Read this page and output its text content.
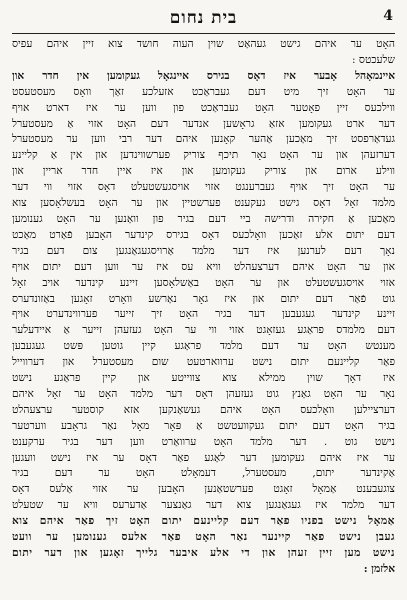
4
בית נחום
האָט ער איהם גישט געהאַט שוין העוה חושד צוא זיין איהם עפיס
שלעכטס :
איינמאָהל אָבער איז דאָס בגירס איינגאָל געקומען אין חדר און
ער האָט זיך מיט דעם געבראַכט אזעלכע זאַך וואָס מעסטעסט
ווילכעס זיין פאָטער האָט געבראַכט פון ווען ער איז דארט אויף
דער ארט געקומען אזאַ גראָשען אנדער דעם האָט אזוי אַ מעסטערל
געדאַרפסט זיך מאַכען אַהער קאָנען איהם דער רבי ווען ער מעסטערל
דערזעהן און ער האָט נאָר תיכף צוריק פערשווינדען און אין אַ קליינע
ווילע ארום און צוריק געקומען און איז איין חדר אריין און
ער האָט זיך אויף געברענגט אזוי אויסגעשטעלט דאָס אזוי ווי דער
מלמד זאָל דאָס גישט געקענט פערשטיין און ער האָט בעשלאָסען צוא
מאַכען אַ חקירה ודרישה ביי דעם בגיר פון וואַנען ער האָט גענומען
דעם יתום אלע זאַכען וואָלכעס דאָס בגירס קינדער האָבען פֿאַרט מאַכט
נאָך דעם לערנען איז דער מלמד אַרויסגעגאַנגען צום דעם בגיר
און ער האָט איהם דערצעהלט וויא עס איז ער ווען דעם יתום אויף
אזוי אויסגעשטעלט און ער האָט באַשלאָסען זיינע קינדער אויב זאָל
גוט פֿאַר דעם יתום און איז גאָר נאַרשע וואָרט זאָגען באַזונדערס
זיינע קינדער געגעבען דער בגיר האָט זיך זייער פערווינדערט אויף
דעם מלמדס פראַגע געזאָגט אזוי ווי ער האָט געזעהן זייער אַ איידעלער
מענטש האָט ער דעם מלמד פראַגע קיין גוטען פּשט געגעבען
פאַר קליינעם יתום נישט ערווארטעט שום מעסטערל און דערווייל
איז דאָך שוין ממילא צוא צווייטע און קיין פראַגע נישט
נאָר ער האָט גאַנץ גוט געזעהן דאָס דער מלמד האָט ער זאָל איהם
דערציילען וואָלכעס האָט איהם געשאַנקען אזא קוסטער ערצעהלט
בגיר האָט דעם יתום געקוועטשט אַ פּאָר מאָל נאַר גראָבע ווערטער
נישט גוט . דער מלמד האָט ערוואַרט ווען דער בגיר ערקענט
ער איז איהם געקומען דער לאַגע פאַר דאָס ער איז נישט וועגען
אַקינדער יתום, מעסטערל, דעמאָלט האָט ער דעם בגיר
צוגעבענט אַמאָל זאָגט פערשטאַנען האָבען ער אזוי אַלעס דאָס
דער מלמד איז געגאַנגען צוא דער גאַנצער אַדערעס וויא ער שטעלט
אַמאָל נישט בפניו פאַר דעם קליינעם יתום האָט זיך פאַר איהם צוא
געבן נישט פאַר קיינער נאַר האָט פאַר אלעס גענומען ער וועט
נישט מען זיין זעהן און די אלע איבער גלייך זאָגען און דער יתום
אלזמן :
